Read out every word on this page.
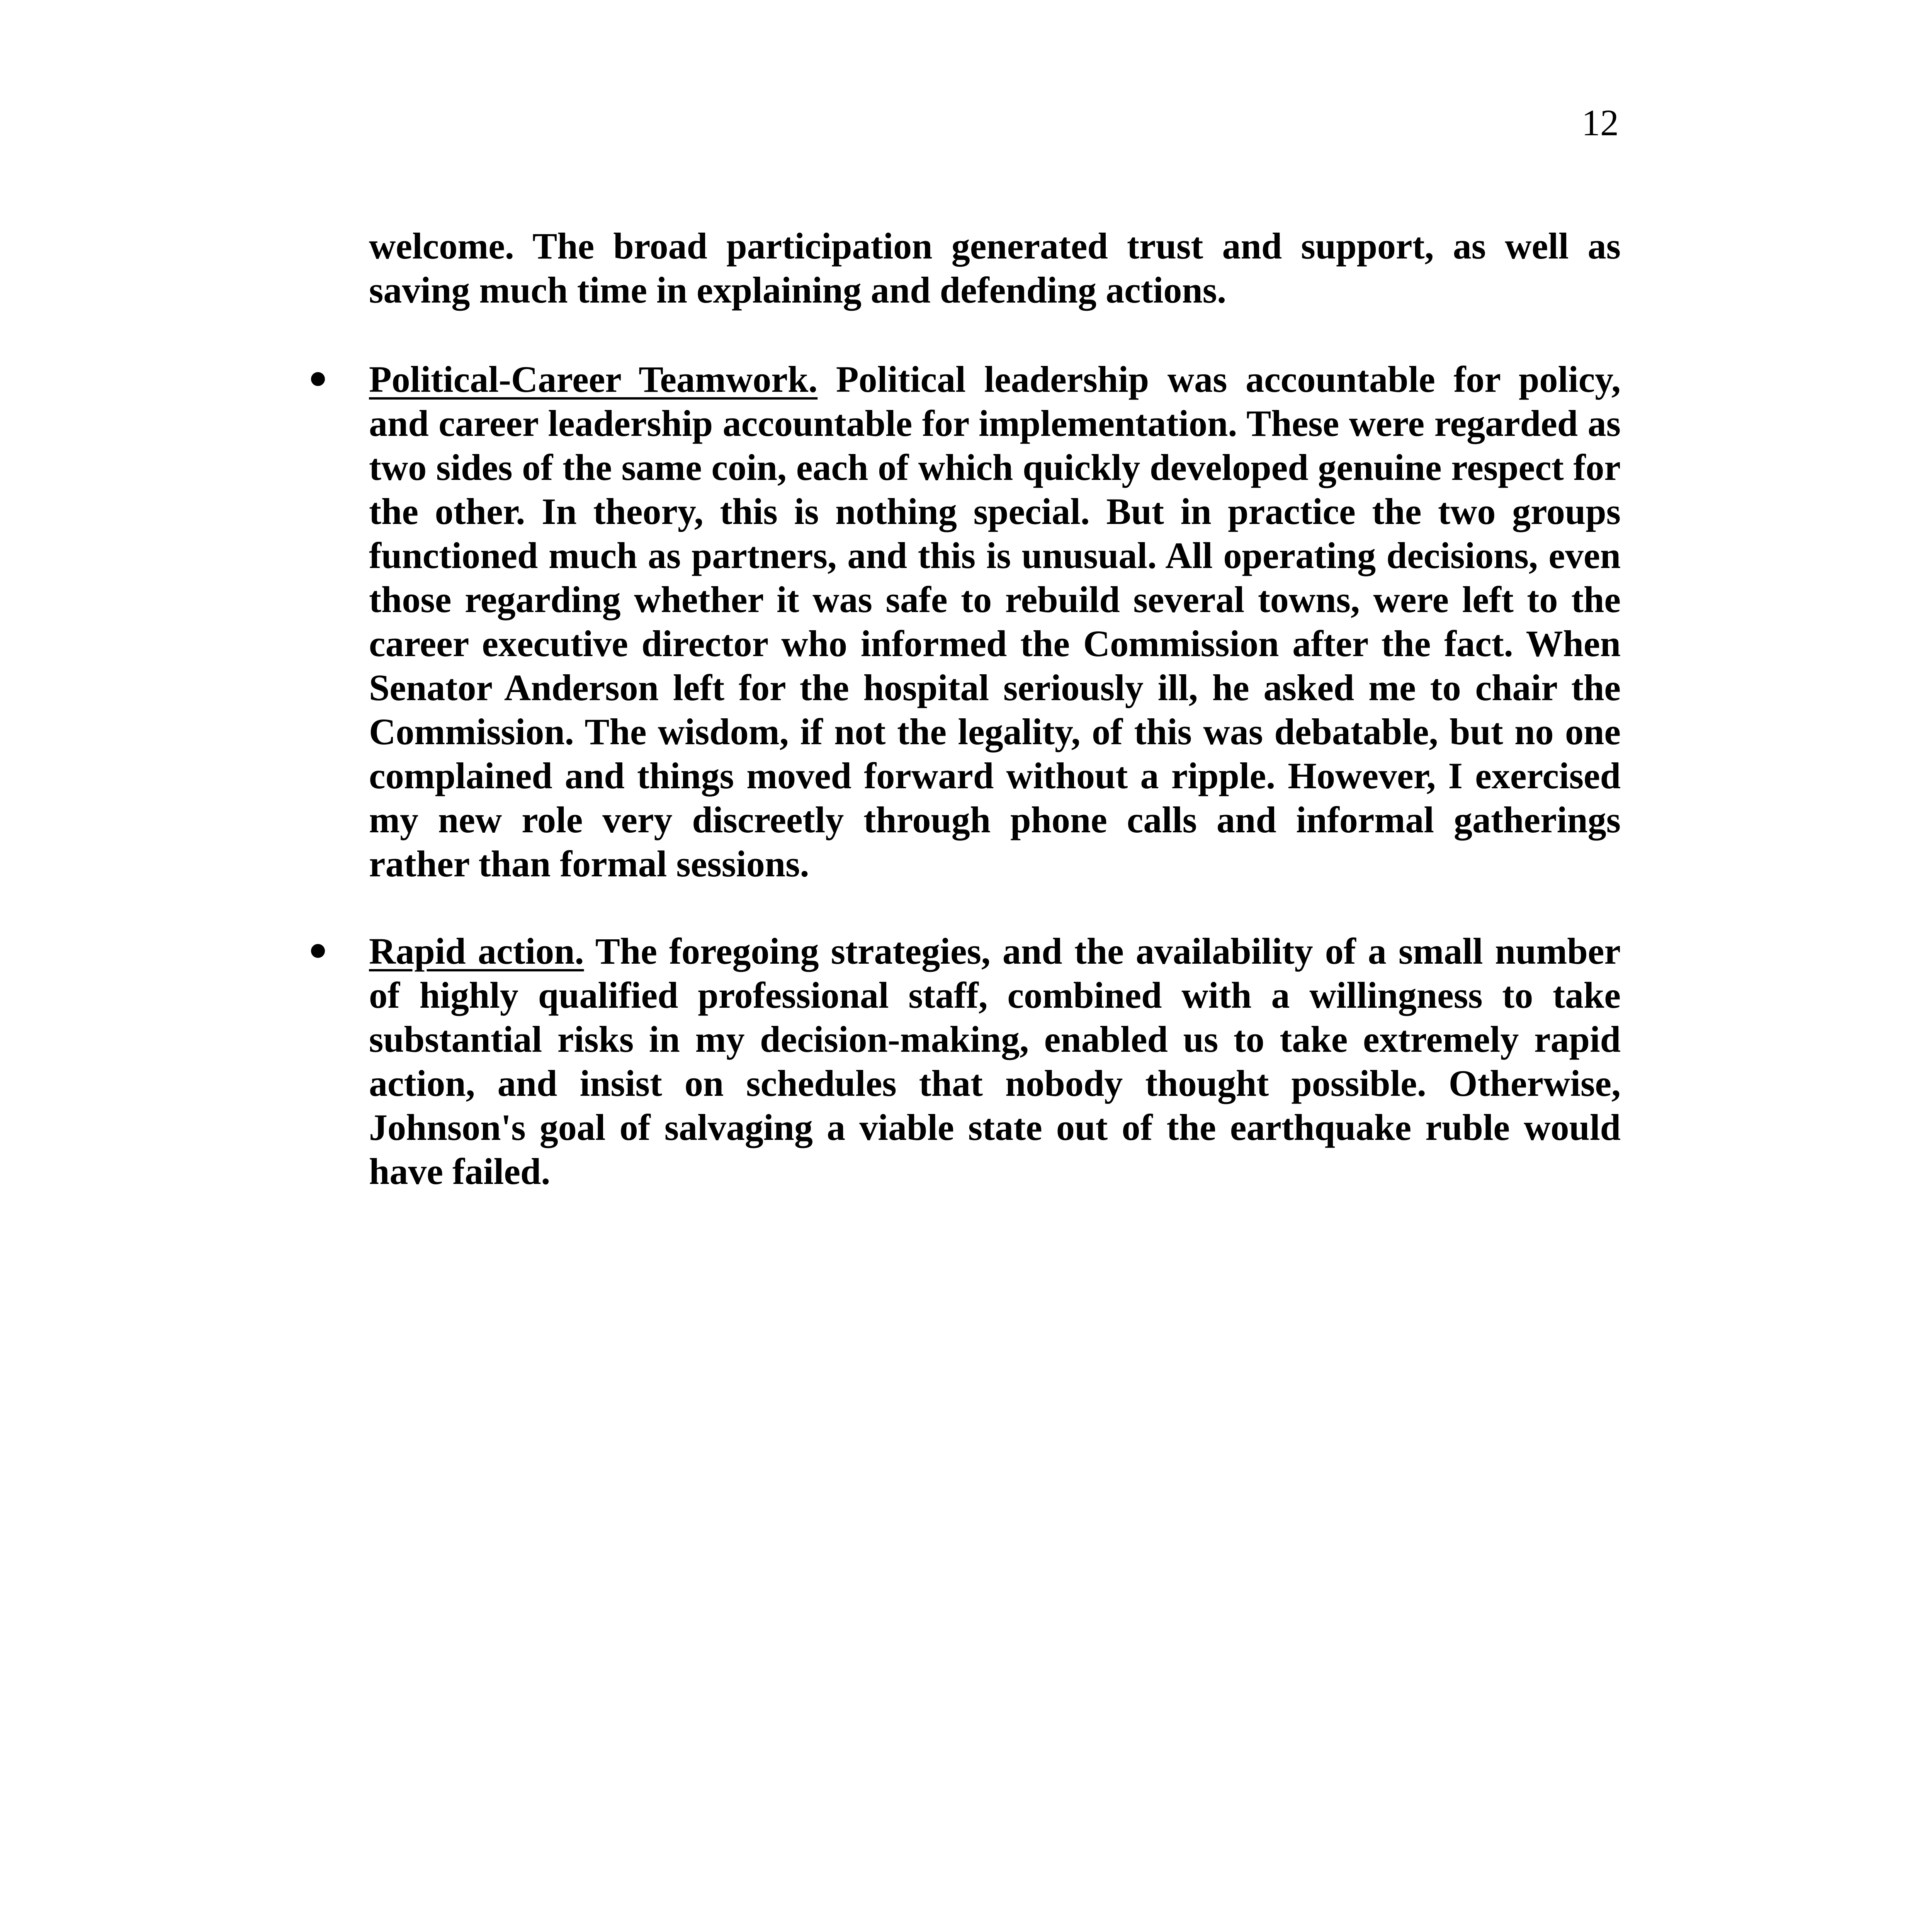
12

welcome. The broad participation generated trust and support, as well as saving much time in explaining and defending actions.

Political-Career Teamwork. Political leadership was accountable for policy, and career leadership accountable for implementation. These were regarded as two sides of the same coin, each of which quickly developed genuine respect for the other. In theory, this is nothing special. But in practice the two groups functioned much as partners, and this is unusual. All operating decisions, even those regarding whether it was safe to rebuild several towns, were left to the career executive director who informed the Commission after the fact. When Senator Anderson left for the hospital seriously ill, he asked me to chair the Commission. The wisdom, if not the legality, of this was debatable, but no one complained and things moved forward without a ripple. However, I exercised my new role very discreetly through phone calls and informal gatherings rather than formal sessions.

Rapid action. The foregoing strategies, and the availability of a small number of highly qualified professional staff, combined with a willingness to take substantial risks in my decision-making, enabled us to take extremely rapid action, and insist on schedules that nobody thought possible. Otherwise, Johnson's goal of salvaging a viable state out of the earthquake ruble would have failed.
